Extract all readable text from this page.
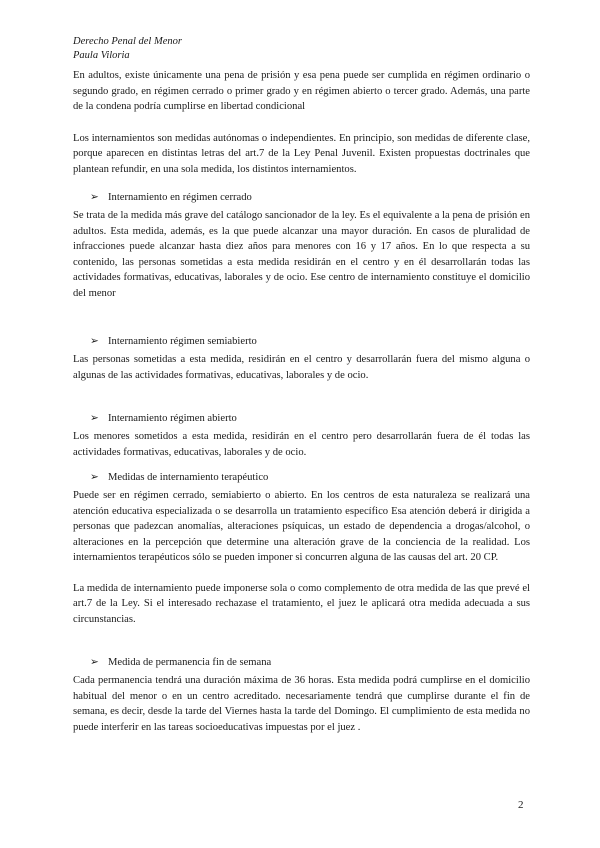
Derecho Penal del Menor
Paula Viloria

En adultos, existe únicamente una pena de prisión y esa pena puede ser cumplida en régimen ordinario o segundo grado, en régimen cerrado o primer grado y en régimen abierto o tercer grado. Además, una parte de la condena podría cumplirse en libertad condicional

Los internamientos son medidas autónomas o independientes. En principio, son medidas de diferente clase, porque aparecen en distintas letras del art.7 de la Ley Penal Juvenil. Existen propuestas doctrinales que plantean refundir, en una sola medida, los distintos internamientos.

➢ Internamiento en régimen cerrado

Se trata de la medida más grave del catálogo sancionador de la ley. Es el equivalente a la pena de prisión en adultos. Esta medida, además, es la que puede alcanzar una mayor duración. En casos de pluralidad de infracciones puede alcanzar hasta diez años para menores con 16 y 17 años. En lo que respecta a su contenido, las personas sometidas a esta medida residirán en el centro y en él desarrollarán todas las actividades formativas, educativas, laborales y de ocio. Ese centro de internamiento constituye el domicilio del menor

➢ Internamiento régimen semiabierto

Las personas sometidas a esta medida, residirán en el centro y desarrollarán fuera del mismo alguna o algunas de las actividades formativas, educativas, laborales y de ocio.

➢ Internamiento régimen abierto

Los menores sometidos a esta medida, residirán en el centro pero desarrollarán fuera de él todas las actividades formativas, educativas, laborales y de ocio.

➢ Medidas de internamiento terapéutico

Puede ser en régimen cerrado, semiabierto o abierto. En los centros de esta naturaleza se realizará una atención educativa especializada o se desarrolla un tratamiento específico Esa atención deberá ir dirigida a personas que padezcan anomalías, alteraciones psíquicas, un estado de dependencia a drogas/alcohol, o alteraciones en la percepción que determine una alteración grave de la conciencia de la realidad. Los internamientos terapéuticos sólo se pueden imponer si concurren alguna de las causas del art. 20 CP.

La medida de internamiento puede imponerse sola o como complemento de otra medida de las que prevé el art.7 de la Ley. Si el interesado rechazase el tratamiento, el juez le aplicará otra medida adecuada a sus circunstancias.

➢ Medida de permanencia fin de semana

Cada permanencia tendrá una duración máxima de 36 horas. Esta medida podrá cumplirse en el domicilio habitual del menor o en un centro acreditado. necesariamente tendrá que cumplirse durante el fin de semana, es decir, desde la tarde del Viernes hasta la tarde del Domingo. El cumplimiento de esta medida no puede interferir en las tareas socioeducativas impuestas por el juez .

2
